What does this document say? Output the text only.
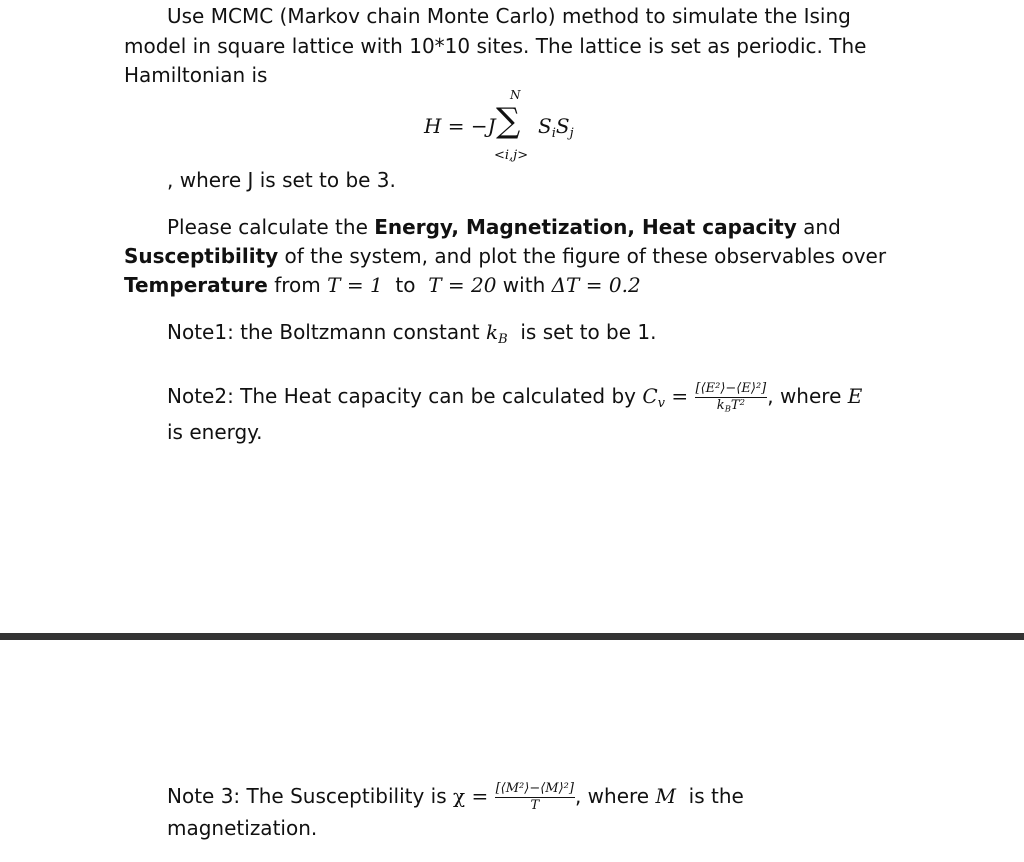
Use MCMC (Markov chain Monte Carlo) method to simulate the Ising
model in square lattice with 10*10 sites. The lattice is set as periodic. The
Hamiltonian is
H = −J
N
∑
<i,j>
$S_iS_j$
, where J is set to be 3.
Please calculate the Energy, Magnetization, Heat capacity and
Susceptibility of the system, and plot the figure of these observables over
Temperature from T = 1  to  T = 20 with ΔT = 0.2
Note1: the Boltzmann constant $k_B$  is set to be 1.
Note2: The Heat capacity can be calculated by $C_v = \frac{\text{[⟨E²⟩−⟨E⟩²]}}{k_BT^2}$ , where E
is energy.
Note 3: The Susceptibility is $\chi = \frac{\text{[⟨M²⟩−⟨M⟩²]}}{T}$ , where M  is the
magnetization.
